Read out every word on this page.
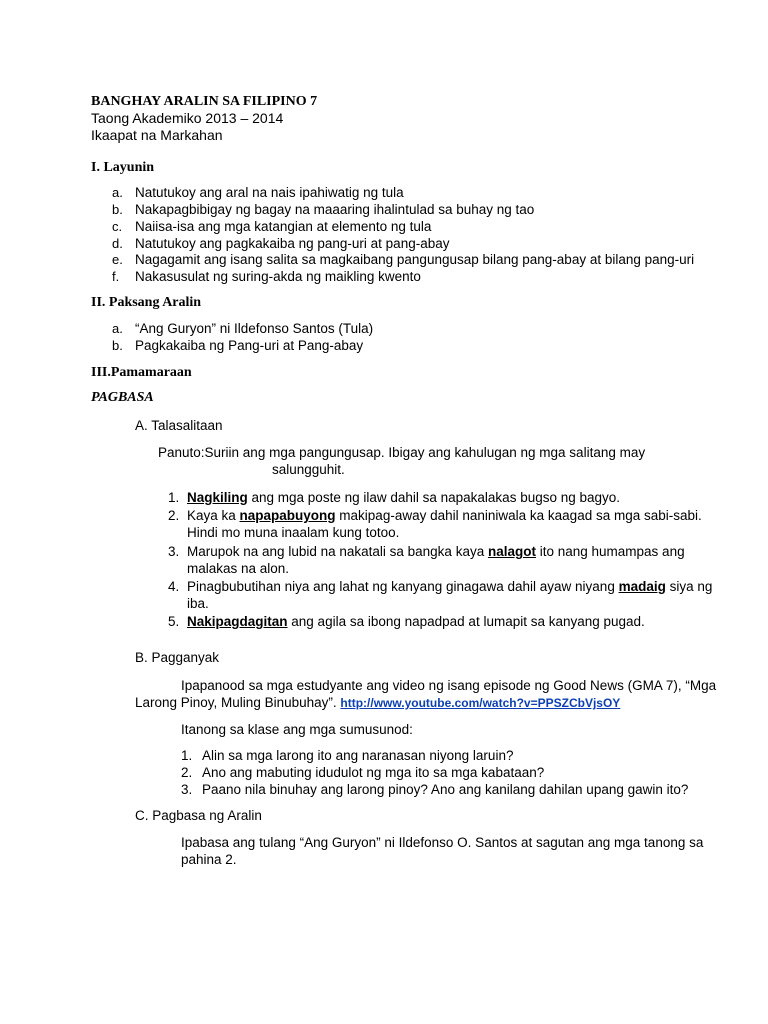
BANGHAY ARALIN SA FILIPINO 7
Taong Akademiko 2013 – 2014
Ikaapat na Markahan
I. Layunin
a. Natutukoy ang aral na nais ipahiwatig ng tula
b. Nakapagbibigay ng bagay na maaaring ihalintulad sa buhay ng tao
c. Naiisa-isa ang mga katangian at elemento ng tula
d. Natutukoy ang pagkakaiba ng pang-uri at pang-abay
e. Nagagamit ang isang salita sa magkaibang pangungusap bilang pang-abay at bilang pang-uri
f.	Nakasusulat ng suring-akda ng maikling kwento
II. Paksang Aralin
a. “Ang Guryon” ni Ildefonso Santos (Tula)
b. Pagkakaiba ng Pang-uri at Pang-abay
III.Pamamaraan
PAGBASA
A. Talasalitaan
Panuto:Suriin ang mga pangungusap. Ibigay ang kahulugan ng mga salitang may
salungguhit.
1. Nagkiling ang mga poste ng ilaw dahil sa napakalakas bugso ng bagyo.
2. Kaya ka napapabuyong makipag-away dahil naniniwala ka kaagad sa mga sabi-sabi.
Hindi mo muna inaalam kung totoo.
3. Marupok na ang lubid na nakatali sa bangka kaya nalagot ito nang humampas ang
malakas na alon.
4. Pinagbubutihan niya ang lahat ng kanyang ginagawa dahil ayaw niyang madaig siya ng
iba.
5. Nakipagdagitan ang agila sa ibong napadpad at lumapit sa kanyang pugad.
B. Pagganyak
Ipapanood sa mga estudyante ang video ng isang episode ng Good News (GMA 7), “Mga
Larong Pinoy, Muling Binubuhay”. http://www.youtube.com/watch?v=PPSZCbVjsOY
Itanong sa klase ang mga sumusunod:
1. Alin sa mga larong ito ang naranasan niyong laruin?
2. Ano ang mabuting idudulot ng mga ito sa mga kabataan?
3. Paano nila binuhay ang larong pinoy? Ano ang kanilang dahilan upang gawin ito?
C. Pagbasa ng Aralin
Ipabasa ang tulang “Ang Guryon” ni Ildefonso O. Santos at sagutan ang mga tanong sa
pahina 2.
